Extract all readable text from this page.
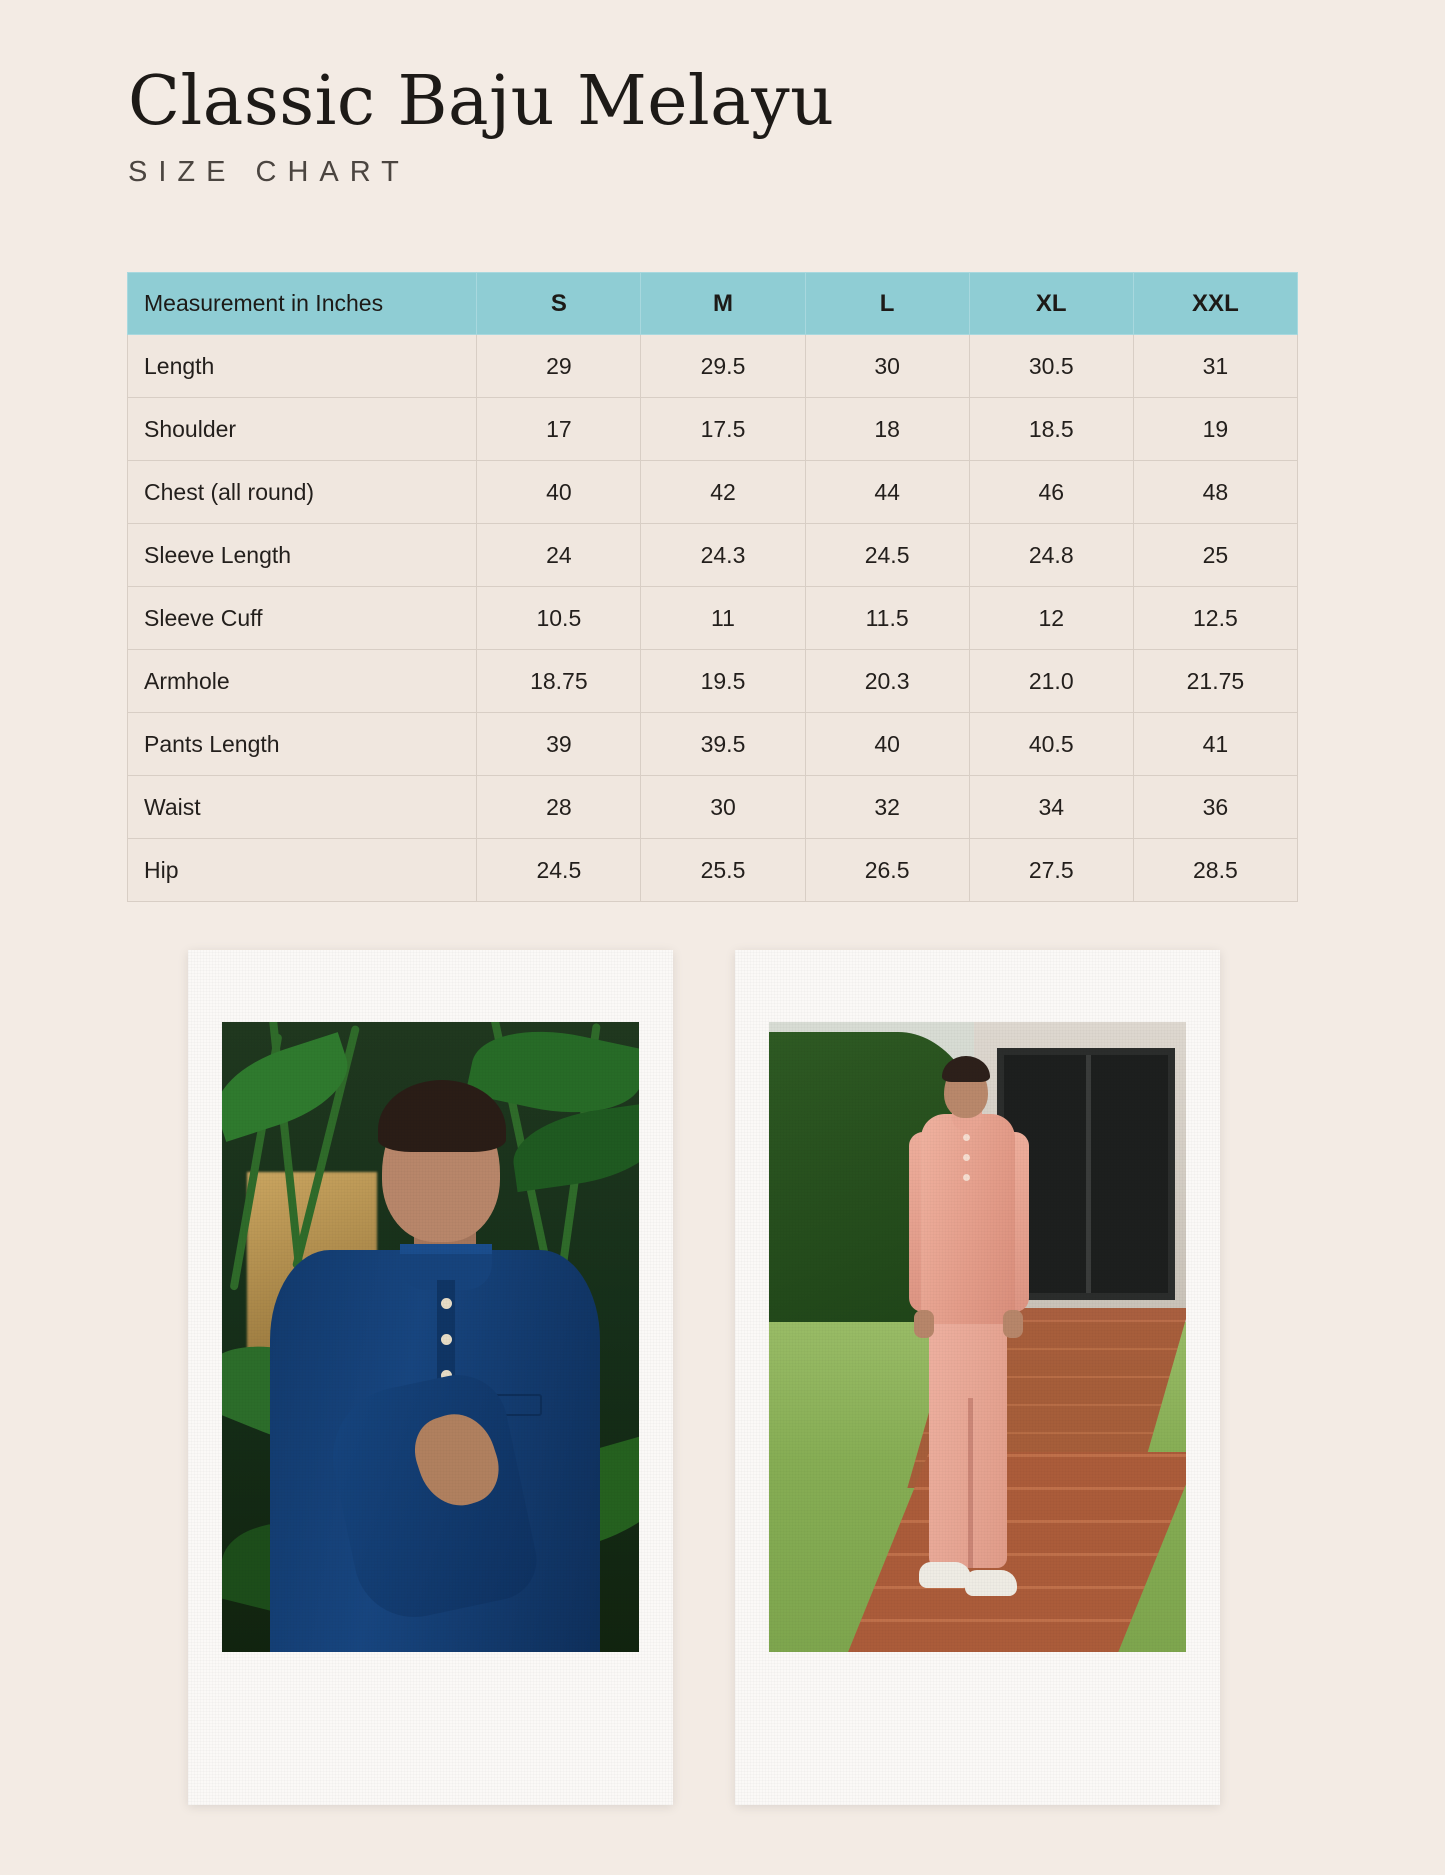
Classic Baju Melayu
SIZE CHART
Measurement in Inches	S	M	L	XL	XXL
Length	29	29.5	30	30.5	31
Shoulder	17	17.5	18	18.5	19
Chest (all round)	40	42	44	46	48
Sleeve Length	24	24.3	24.5	24.8	25
Sleeve Cuff	10.5	11	11.5	12	12.5
Armhole	18.75	19.5	20.3	21.0	21.75
Pants Length	39	39.5	40	40.5	41
Waist	28	30	32	34	36
Hip	24.5	25.5	26.5	27.5	28.5
